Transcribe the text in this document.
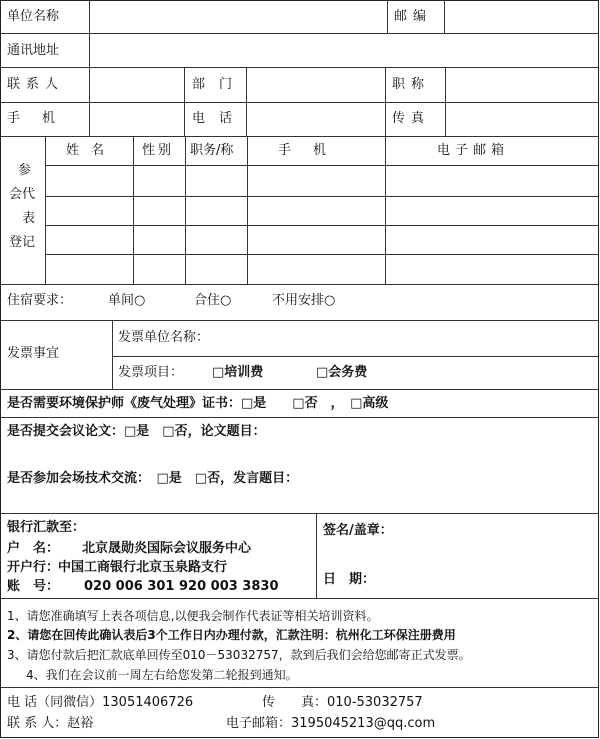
单位名称	邮编
通讯地址
联系人	部门	职称
手机	电话	传真
参
会代
表
登记
姓名 性别 职务/称	手机	电子邮箱
住宿要求：	单间○	合住○	不用安排○
发票事宜
发票单位名称：
发票项目： □培训费	□会务费
是否需要环境保护师《废气处理》证书：□是　　□否　，　□高级
是否提交会议论文：□是　□否，论文题目：
是否参加会场技术交流：　□是　□否，发言题目：
银行汇款至：
户　名： 北京晟勋炎国际会议服务中心
开户行：
中国工商银行北京玉泉路支行
账　号： 020 006 301 920 003 3830
签名/盖章：
日　期：
1、请您准确填写上表各项信息,以便我会制作代表证等相关培训资料。
2、请您在回传此确认表后3个工作日内办理付款，汇款注明：杭州化工环保注册费用
3、请您付款后把汇款底单回传至010－53032757，款到后我们会给您邮寄正式发票。
4、我们在会议前一周左右给您发第二轮报到通知。
电 话（同微信）13051406726	传　　真：010-53032757
联 系 人：赵裕	电子邮箱：3195045213@qq.com
